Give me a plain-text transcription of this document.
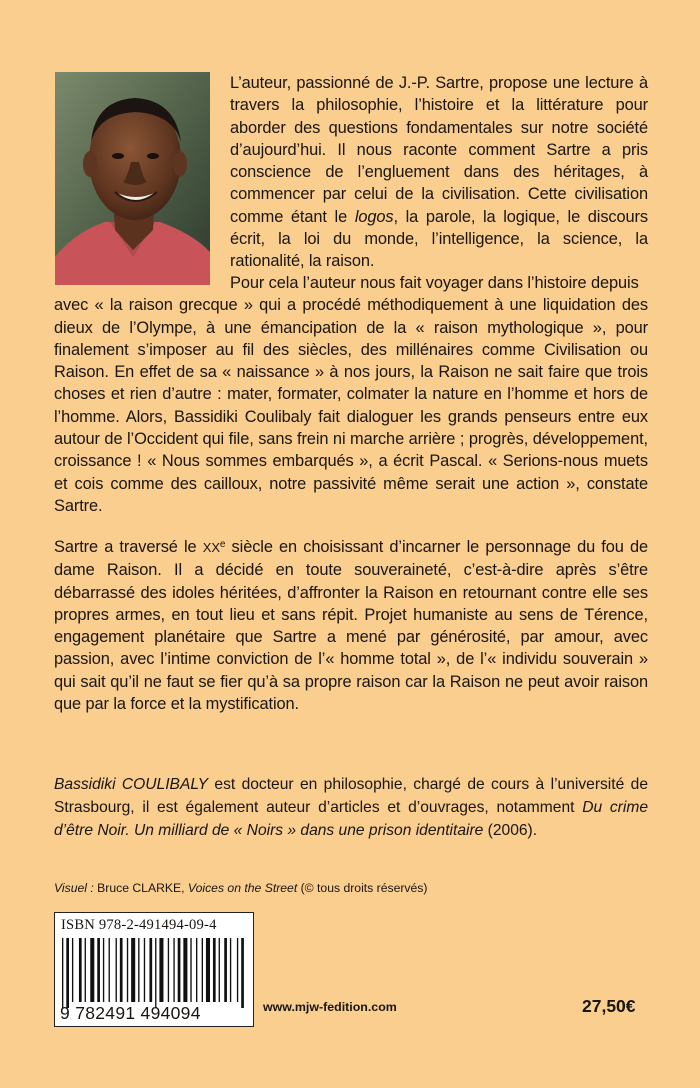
L’auteur, passionné de J.-P. Sartre, propose une lecture à travers la philosophie, l’histoire et la littérature pour aborder des questions fondamentales sur notre société d’aujourd’hui. Il nous raconte comment Sartre a pris conscience de l’engluement dans des héritages, à commencer par celui de la civilisation. Cette civilisation comme étant le logos, la parole, la logique, le discours écrit, la loi du monde, l’intelligence, la science, la rationalité, la raison.
Pour cela l’auteur nous fait voyager dans l’histoire depuis
avec « la raison grecque » qui a procédé méthodiquement à une liquidation des dieux de l’Olympe, à une émancipation de la « raison mythologique », pour finalement s’imposer au fil des siècles, des millénaires comme Civilisation ou Raison. En effet de sa « naissance » à nos jours, la Raison ne sait faire que trois choses et rien d’autre : mater, formater, colmater la nature en l’homme et hors de l’homme. Alors, Bassidiki Coulibaly fait dialoguer les grands penseurs entre eux autour de l’Occident qui file, sans frein ni marche arrière ; progrès, développement, croissance ! « Nous sommes embarqués », a écrit Pascal. « Serions-nous muets et cois comme des cailloux, notre passivité même serait une action », constate Sartre.
Sartre a traversé le XXe siècle en choisissant d’incarner le personnage du fou de dame Raison. Il a décidé en toute souveraineté, c’est-à-dire après s’être débarrassé des idoles héritées, d’affronter la Raison en retournant contre elle ses propres armes, en tout lieu et sans répit. Projet humaniste au sens de Térence, engagement planétaire que Sartre a mené par générosité, par amour, avec passion, avec l’intime conviction de l’« homme total », de l’« individu souverain » qui sait qu’il ne faut se fier qu’à sa propre raison car la Raison ne peut avoir raison que par la force et la mystification.
Bassidiki COULIBALY est docteur en philosophie, chargé de cours à l’université de Strasbourg, il est également auteur d’articles et d’ouvrages, notamment Du crime d’être Noir. Un milliard de « Noirs » dans une prison identitaire (2006).
Visuel : Bruce CLARKE, Voices on the Street (© tous droits réservés)
ISBN 978-2-491494-09-4
9 782491 494094	www.mjw-fedition.com	27,50€
